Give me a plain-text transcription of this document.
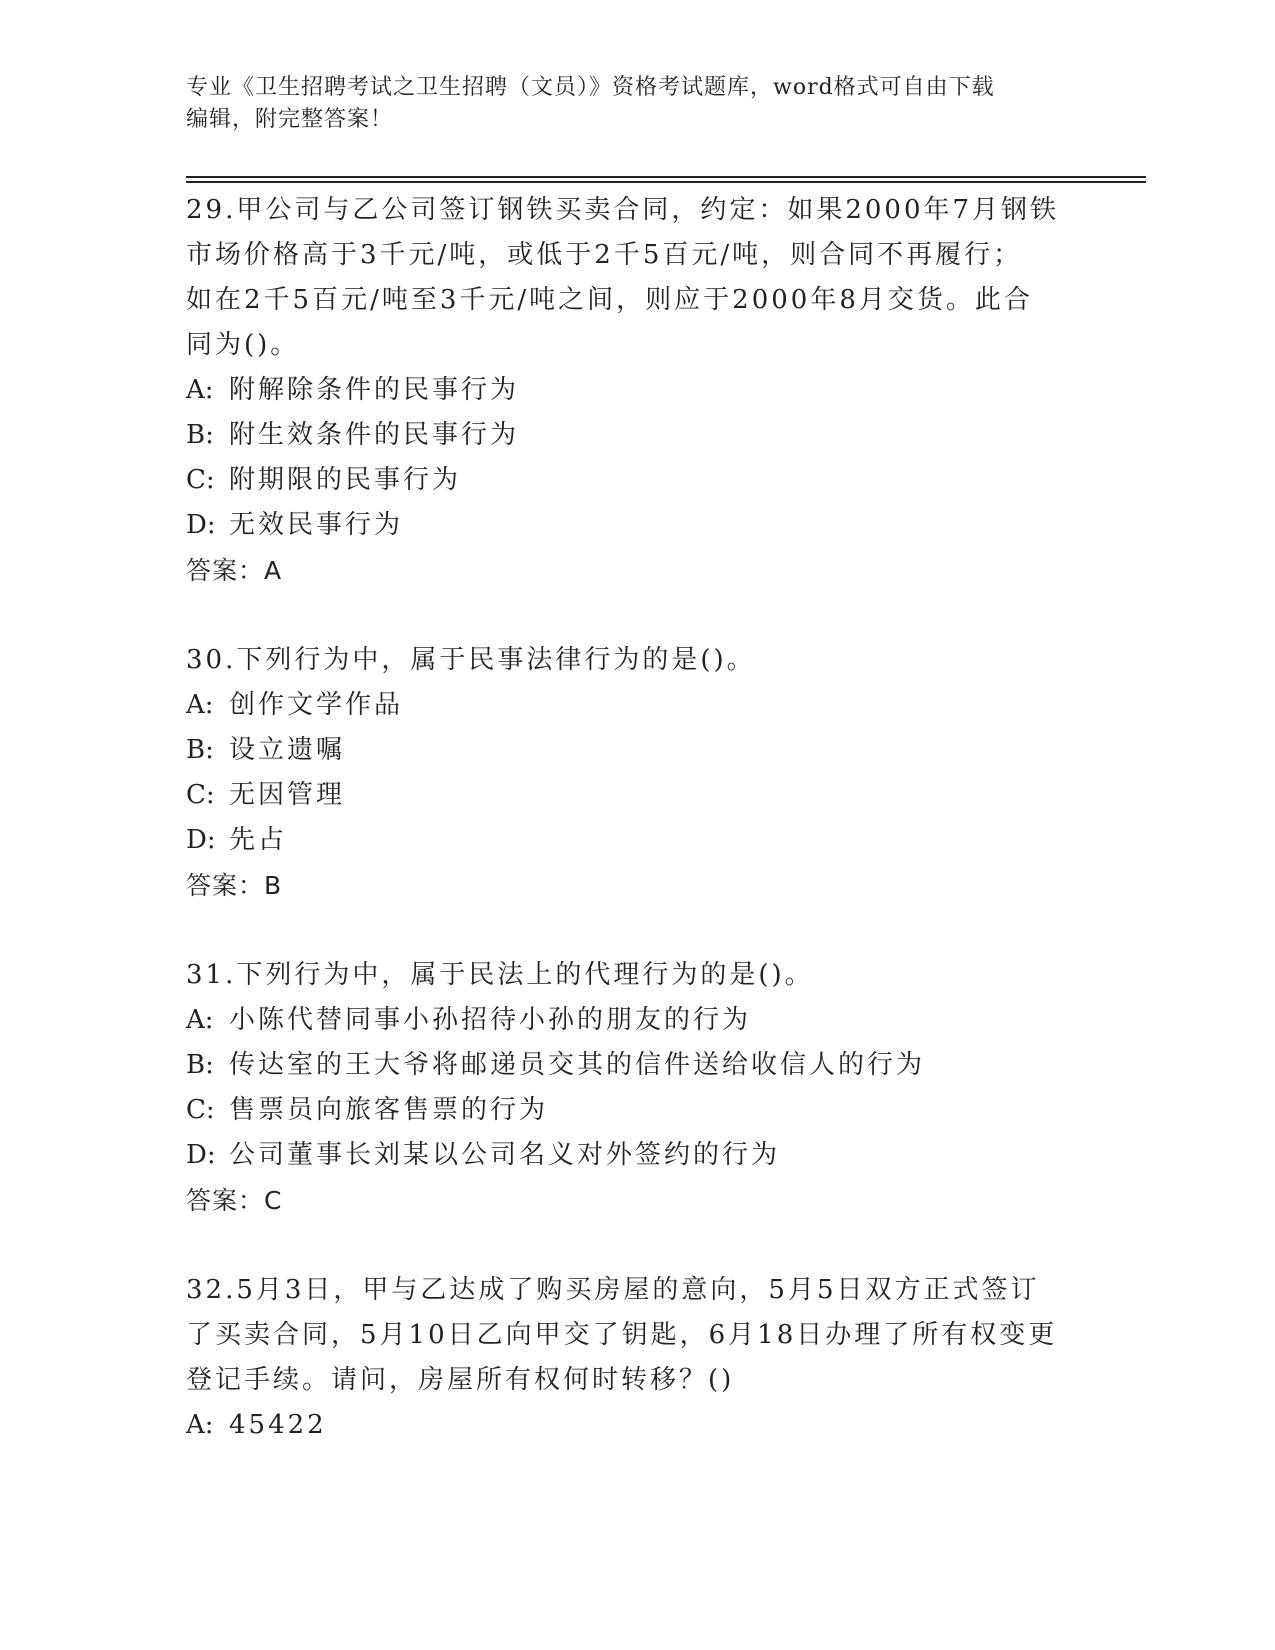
专业《卫生招聘考试之卫生招聘（文员）》资格考试题库，word格式可自由下载
编辑，附完整答案！
29.甲公司与乙公司签订钢铁买卖合同，约定：如果2000年7月钢铁
市场价格高于3千元/吨，或低于2千5百元/吨，则合同不再履行；
如在2千5百元/吨至3千元/吨之间，则应于2000年8月交货。此合
同为()。
A: 附解除条件的民事行为
B: 附生效条件的民事行为
C: 附期限的民事行为
D: 无效民事行为
答案：A
30.下列行为中，属于民事法律行为的是()。
A: 创作文学作品
B: 设立遗嘱
C: 无因管理
D: 先占
答案：B
31.下列行为中，属于民法上的代理行为的是()。
A: 小陈代替同事小孙招待小孙的朋友的行为
B: 传达室的王大爷将邮递员交其的信件送给收信人的行为
C: 售票员向旅客售票的行为
D: 公司董事长刘某以公司名义对外签约的行为
答案：C
32.5月3日，甲与乙达成了购买房屋的意向，5月5日双方正式签订
了买卖合同，5月10日乙向甲交了钥匙，6月18日办理了所有权变更
登记手续。请问，房屋所有权何时转移？()
A: 45422
